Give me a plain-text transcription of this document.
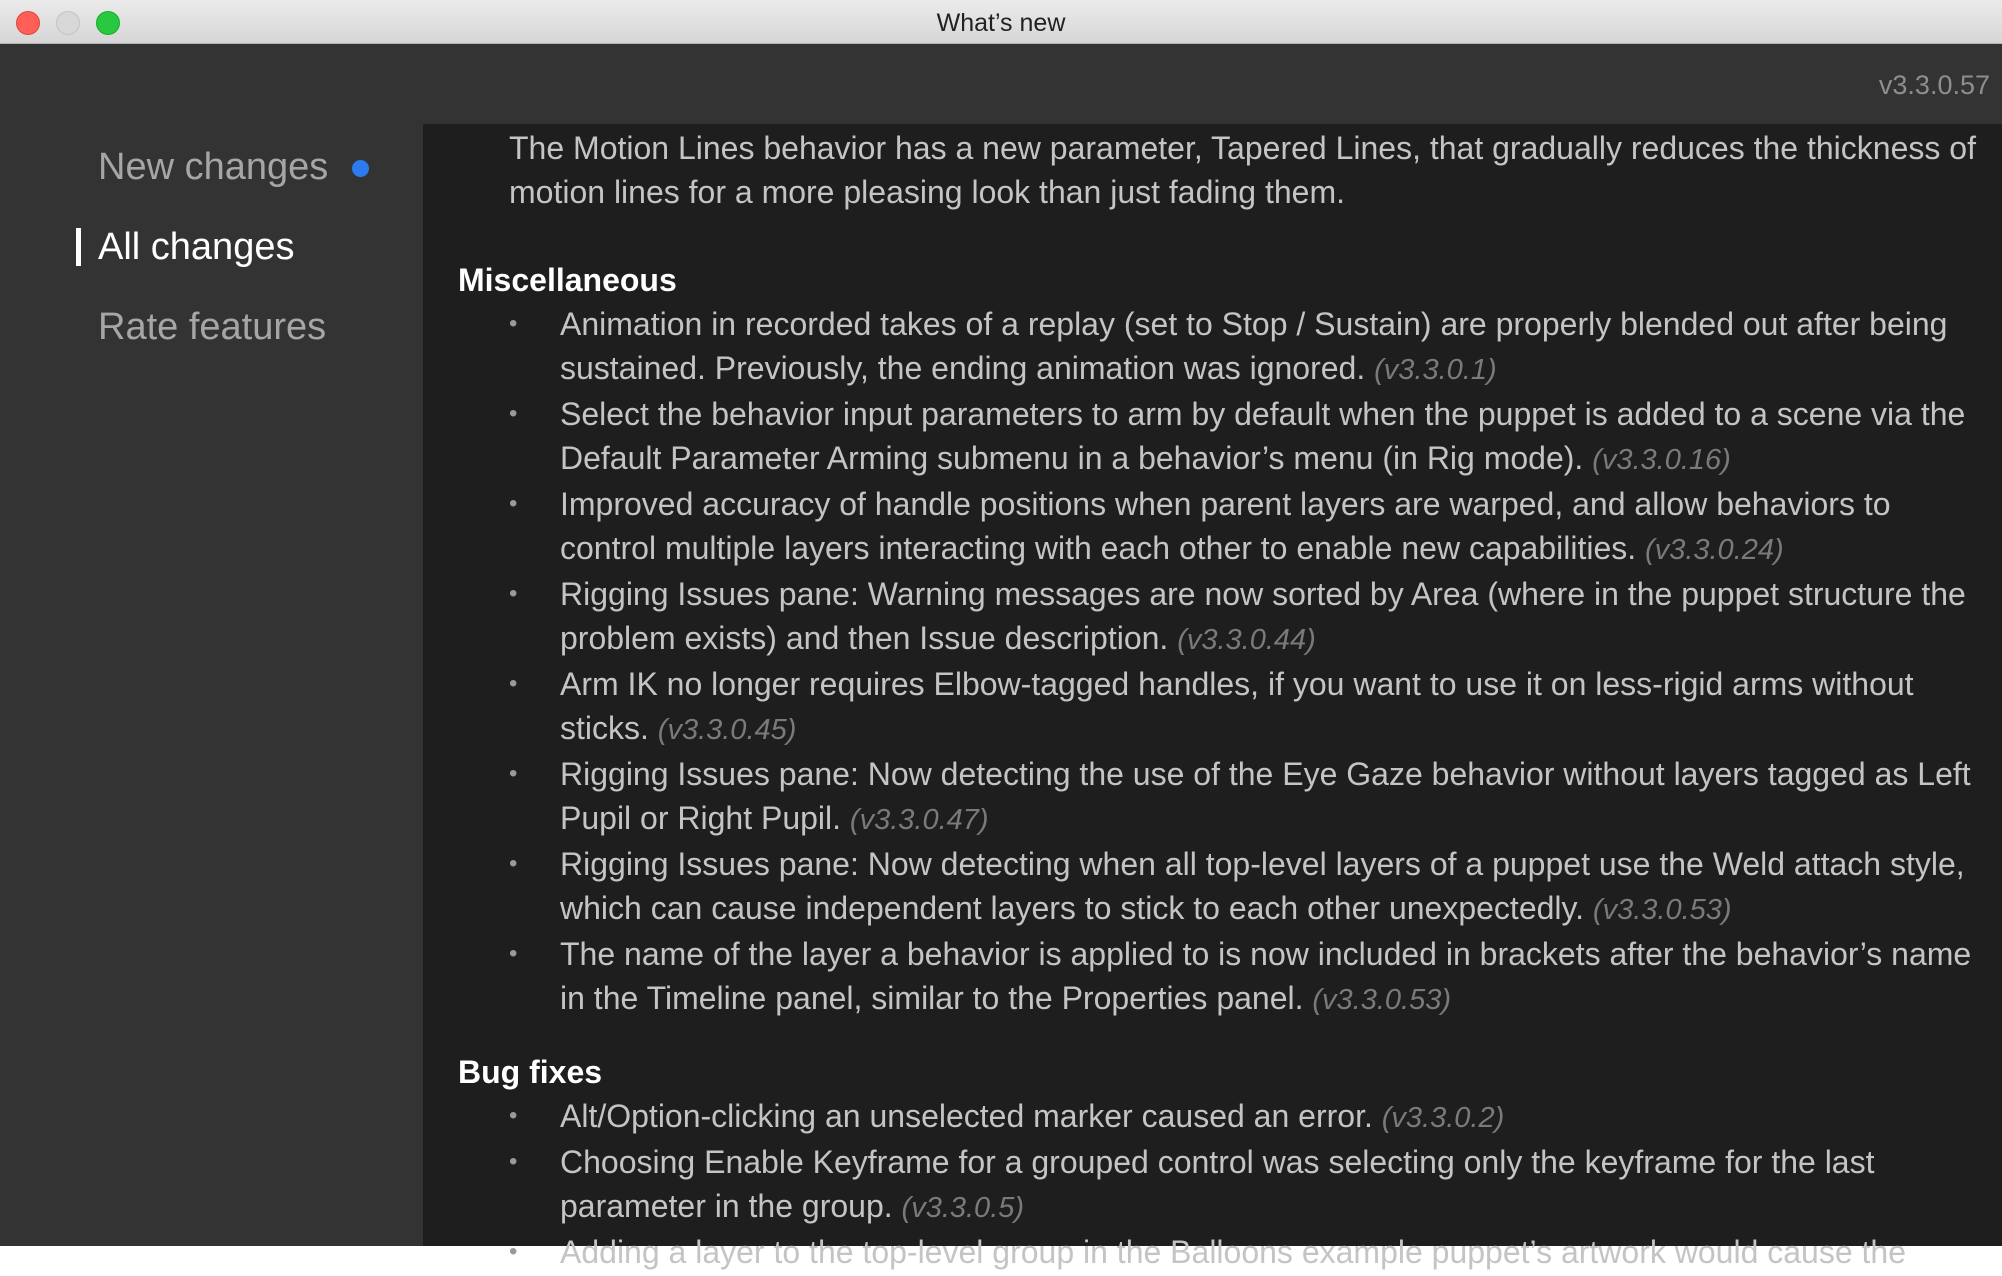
What’s new
v3.3.0.57
New changes
All changes
Rate features

The Motion Lines behavior has a new parameter, Tapered Lines, that gradually reduces the thickness of motion lines for a more pleasing look than just fading them.

Miscellaneous
• Animation in recorded takes of a replay (set to Stop / Sustain) are properly blended out after being sustained. Previously, the ending animation was ignored. (v3.3.0.1)
• Select the behavior input parameters to arm by default when the puppet is added to a scene via the Default Parameter Arming submenu in a behavior’s menu (in Rig mode). (v3.3.0.16)
• Improved accuracy of handle positions when parent layers are warped, and allow behaviors to control multiple layers interacting with each other to enable new capabilities. (v3.3.0.24)
• Rigging Issues pane: Warning messages are now sorted by Area (where in the puppet structure the problem exists) and then Issue description. (v3.3.0.44)
• Arm IK no longer requires Elbow-tagged handles, if you want to use it on less-rigid arms without sticks. (v3.3.0.45)
• Rigging Issues pane: Now detecting the use of the Eye Gaze behavior without layers tagged as Left Pupil or Right Pupil. (v3.3.0.47)
• Rigging Issues pane: Now detecting when all top-level layers of a puppet use the Weld attach style, which can cause independent layers to stick to each other unexpectedly. (v3.3.0.53)
• The name of the layer a behavior is applied to is now included in brackets after the behavior’s name in the Timeline panel, similar to the Properties panel. (v3.3.0.53)
Bug fixes
• Alt/Option-clicking an unselected marker caused an error. (v3.3.0.2)
• Choosing Enable Keyframe for a grouped control was selecting only the keyframe for the last parameter in the group. (v3.3.0.5)
• Adding a layer to the top-level group in the Balloons example puppet’s artwork would cause the
